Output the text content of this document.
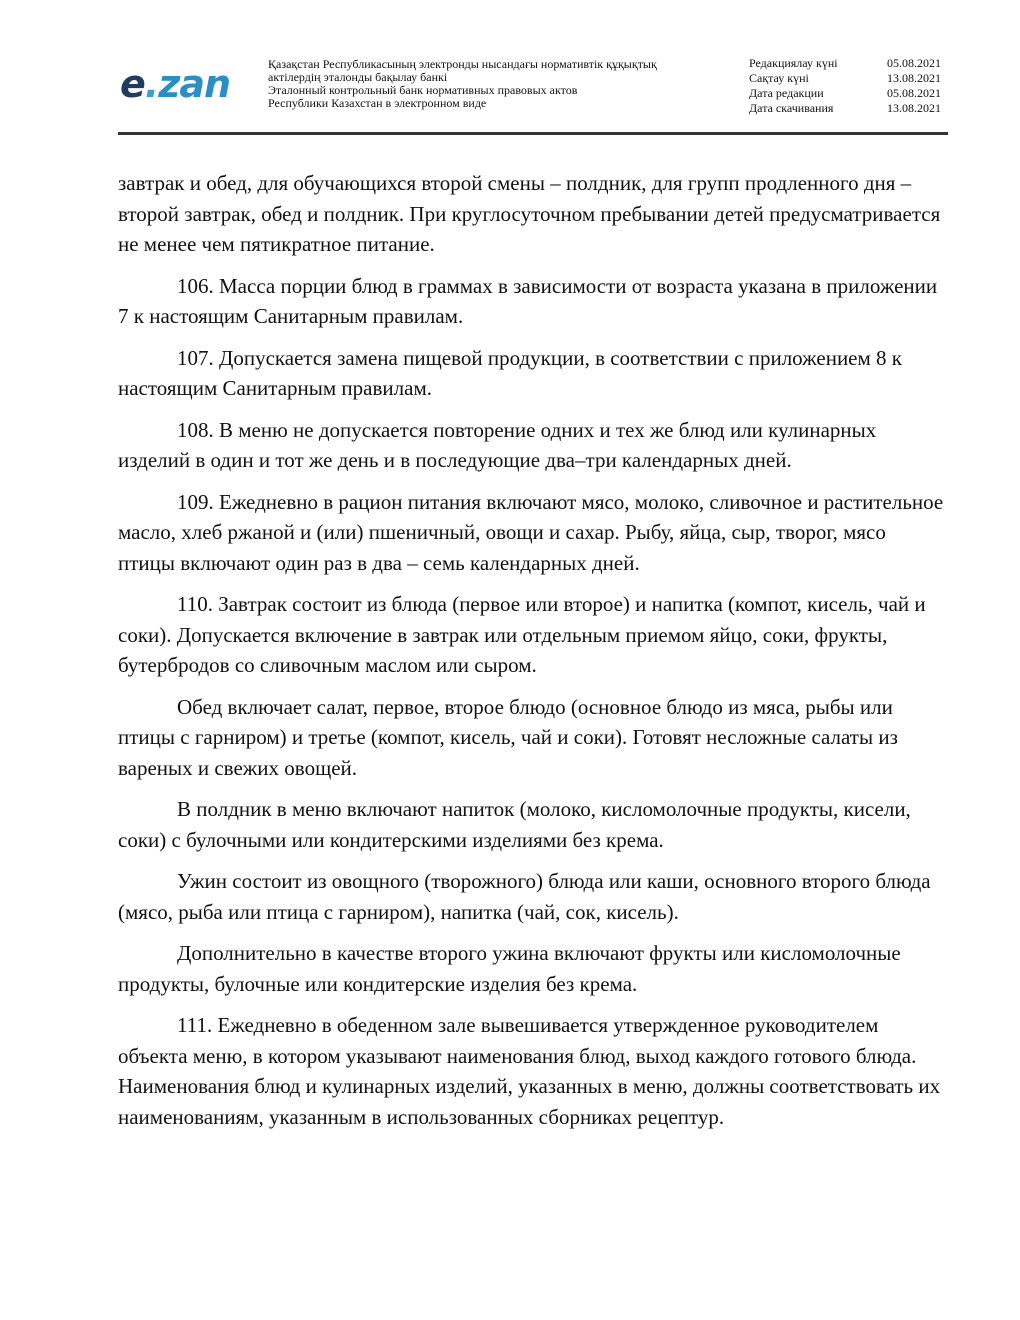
e.zan	Қазақстан Республикасының электронды нысандағы нормативтік құқықтық
актілердің эталонды бақылау банкі
Эталонный контрольный банк нормативных правовых актов
Республики Казахстан в электронном виде
Редакциялау күні	05.08.2021
Сақтау күні	13.08.2021
Дата редакции	05.08.2021
Дата скачивания	13.08.2021

завтрак и обед, для обучающихся второй смены – полдник, для групп продленного дня – второй завтрак, обед и полдник. При круглосуточном пребывании детей предусматривается не менее чем пятикратное питание.

106. Масса порции блюд в граммах в зависимости от возраста указана в приложении 7 к настоящим Санитарным правилам.

107. Допускается замена пищевой продукции, в соответствии с приложением 8 к настоящим Санитарным правилам.

108. В меню не допускается повторение одних и тех же блюд или кулинарных изделий в один и тот же день и в последующие два–три календарных дней.

109. Ежедневно в рацион питания включают мясо, молоко, сливочное и растительное масло, хлеб ржаной и (или) пшеничный, овощи и сахар. Рыбу, яйца, сыр, творог, мясо птицы включают один раз в два – семь календарных дней.

110. Завтрак состоит из блюда (первое или второе) и напитка (компот, кисель, чай и соки). Допускается включение в завтрак или отдельным приемом яйцо, соки, фрукты, бутербродов со сливочным маслом или сыром.

Обед включает салат, первое, второе блюдо (основное блюдо из мяса, рыбы или птицы с гарниром) и третье (компот, кисель, чай и соки). Готовят несложные салаты из вареных и свежих овощей.

В полдник в меню включают напиток (молоко, кисломолочные продукты, кисели, соки) с булочными или кондитерскими изделиями без крема.

Ужин состоит из овощного (творожного) блюда или каши, основного второго блюда (мясо, рыба или птица с гарниром), напитка (чай, сок, кисель).

Дополнительно в качестве второго ужина включают фрукты или кисломолочные продукты, булочные или кондитерские изделия без крема.

111. Ежедневно в обеденном зале вывешивается утвержденное руководителем объекта меню, в котором указывают наименования блюд, выход каждого готового блюда. Наименования блюд и кулинарных изделий, указанных в меню, должны соответствовать их наименованиям, указанным в использованных сборниках рецептур.
